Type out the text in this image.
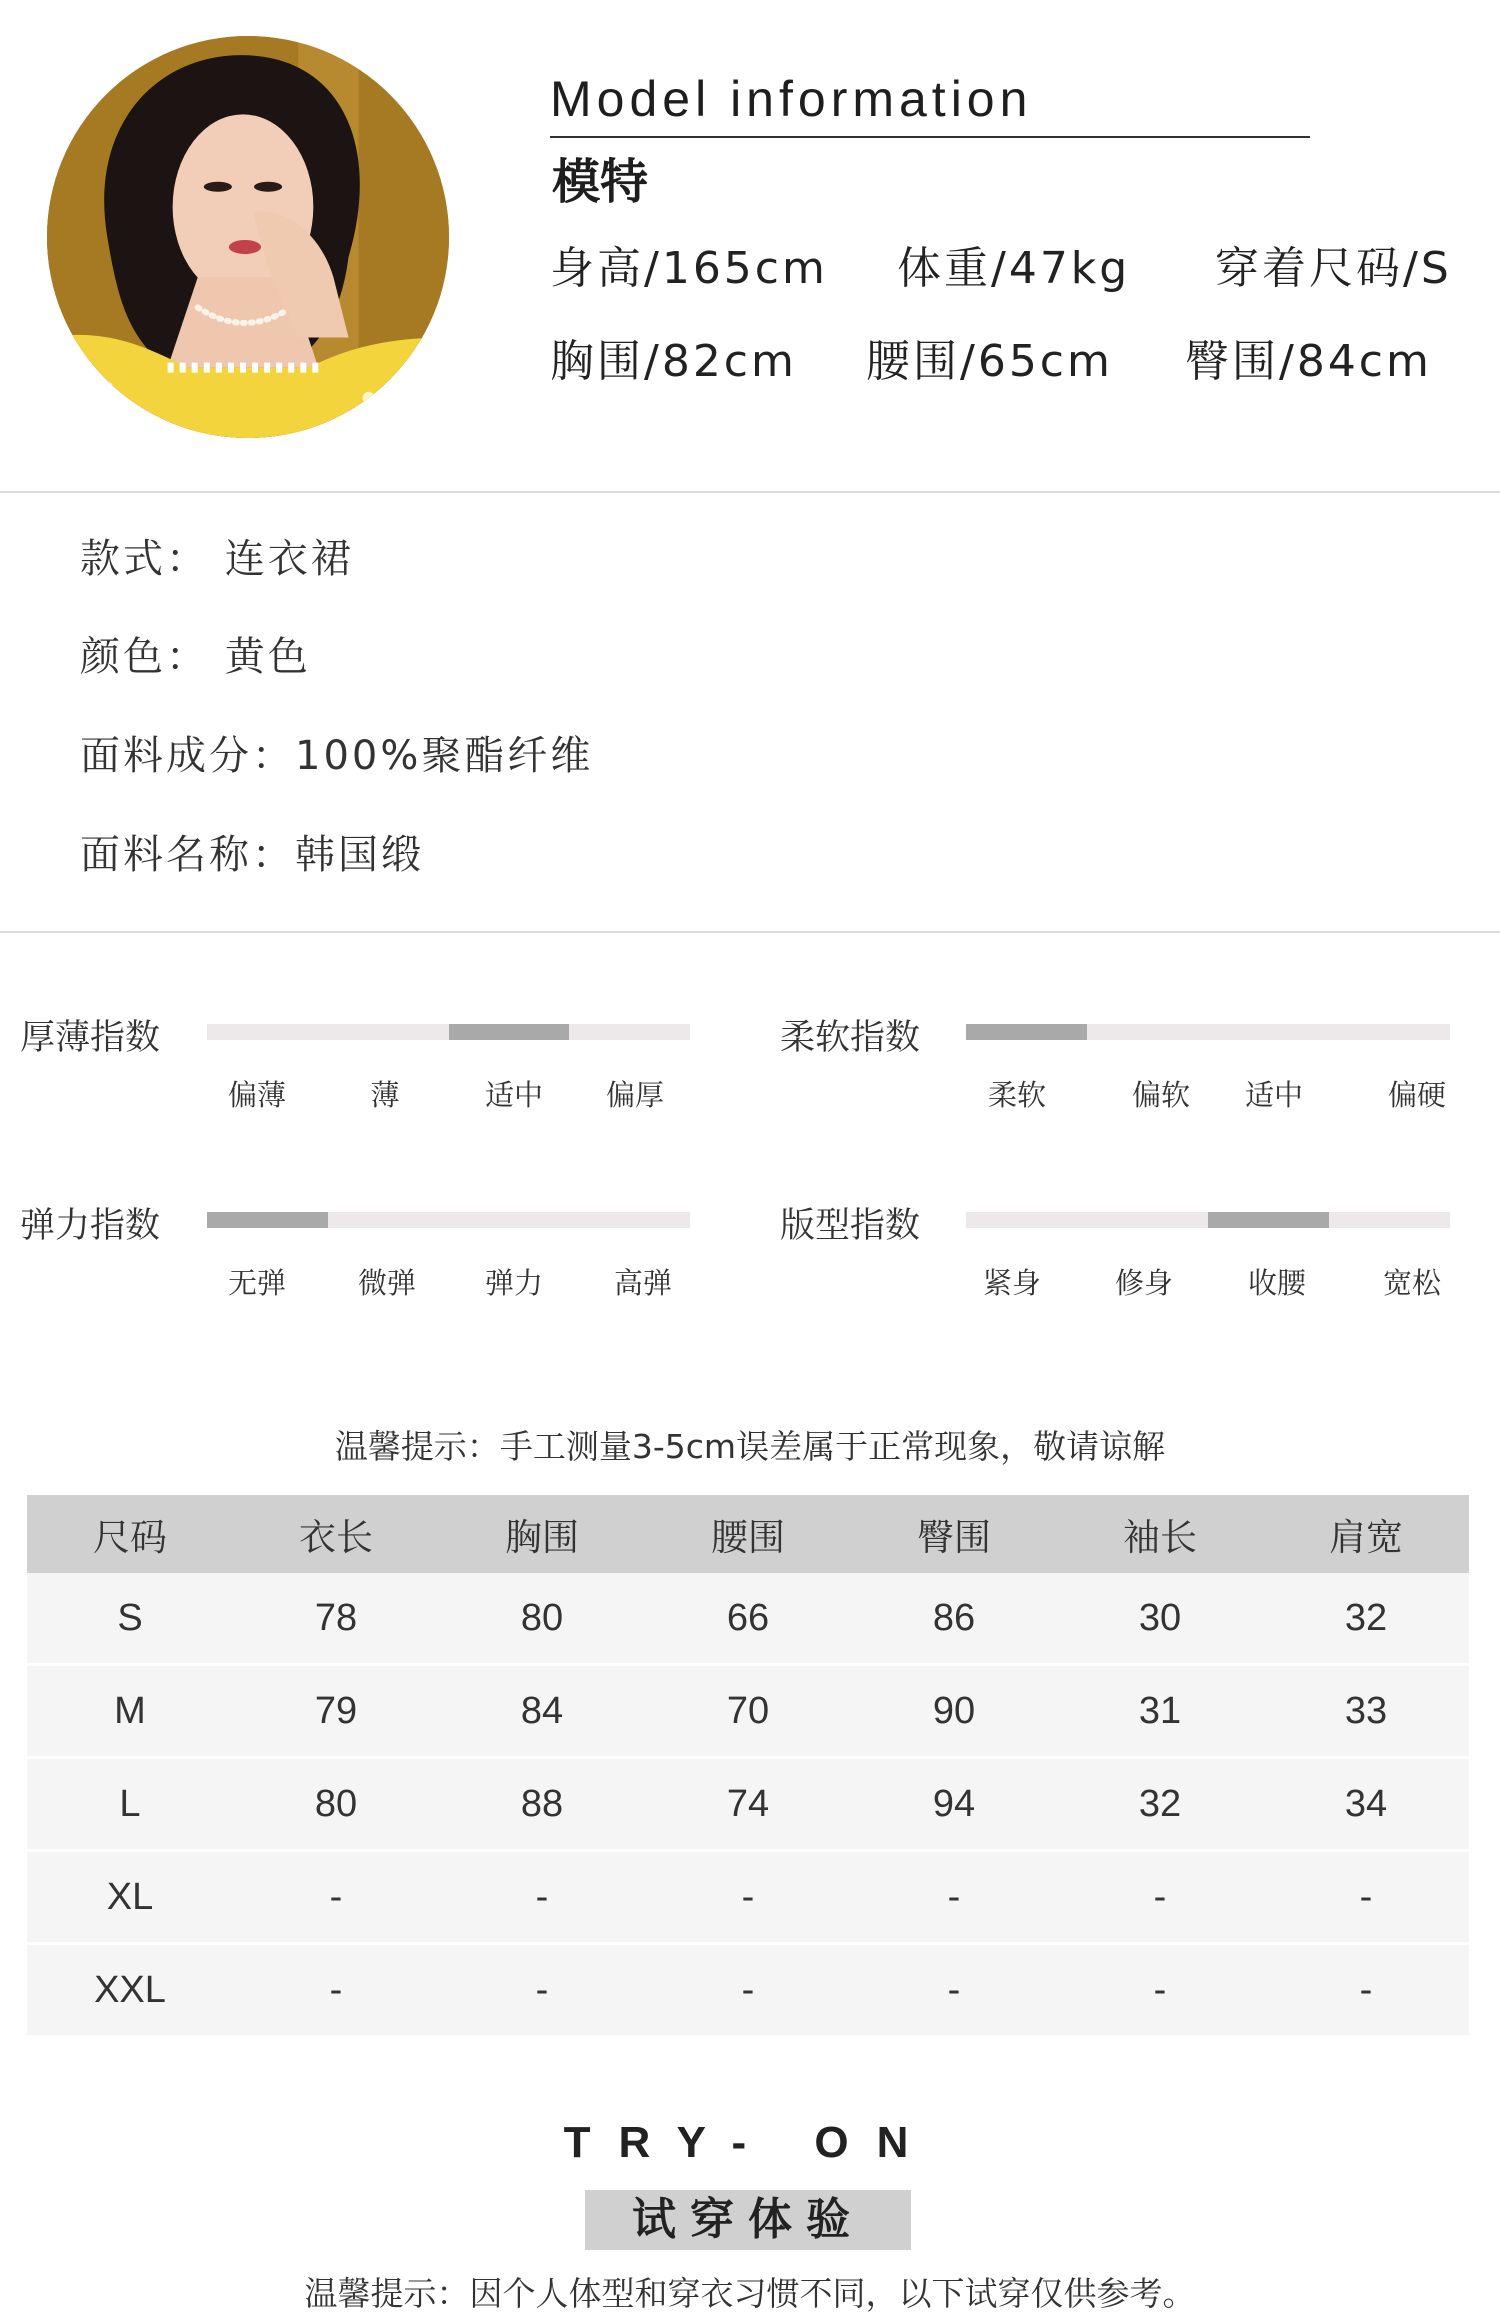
Model information
模特
身高/165cm 体重/47kg 穿着尺码/S
胸围/82cm 腰围/65cm 臀围/84cm
款式： 连衣裙
颜色： 黄色
面料成分：100%聚酯纤维
面料名称：韩国缎
厚薄指数
偏薄	薄	适中 偏厚
柔软指数
柔软	偏软 适中	偏硬
弹力指数
无弹 微弹 弹力 高弹
版型指数
紧身	修身	收腰	宽松
温馨提示：手工测量3-5cm误差属于正常现象，敬请谅解
尺码	衣长	胸围	腰围	臀围	袖长	肩宽
S	78	80	66	86	30	32
M	79	84	70	90	31	33
L	80	88	74	94	32	34
XL	-	-	-	-	-	-
XXL	-	-	-	-	-	-
TRY- ON
试穿体验
温馨提示：因个人体型和穿衣习惯不同，以下试穿仅供参考。
